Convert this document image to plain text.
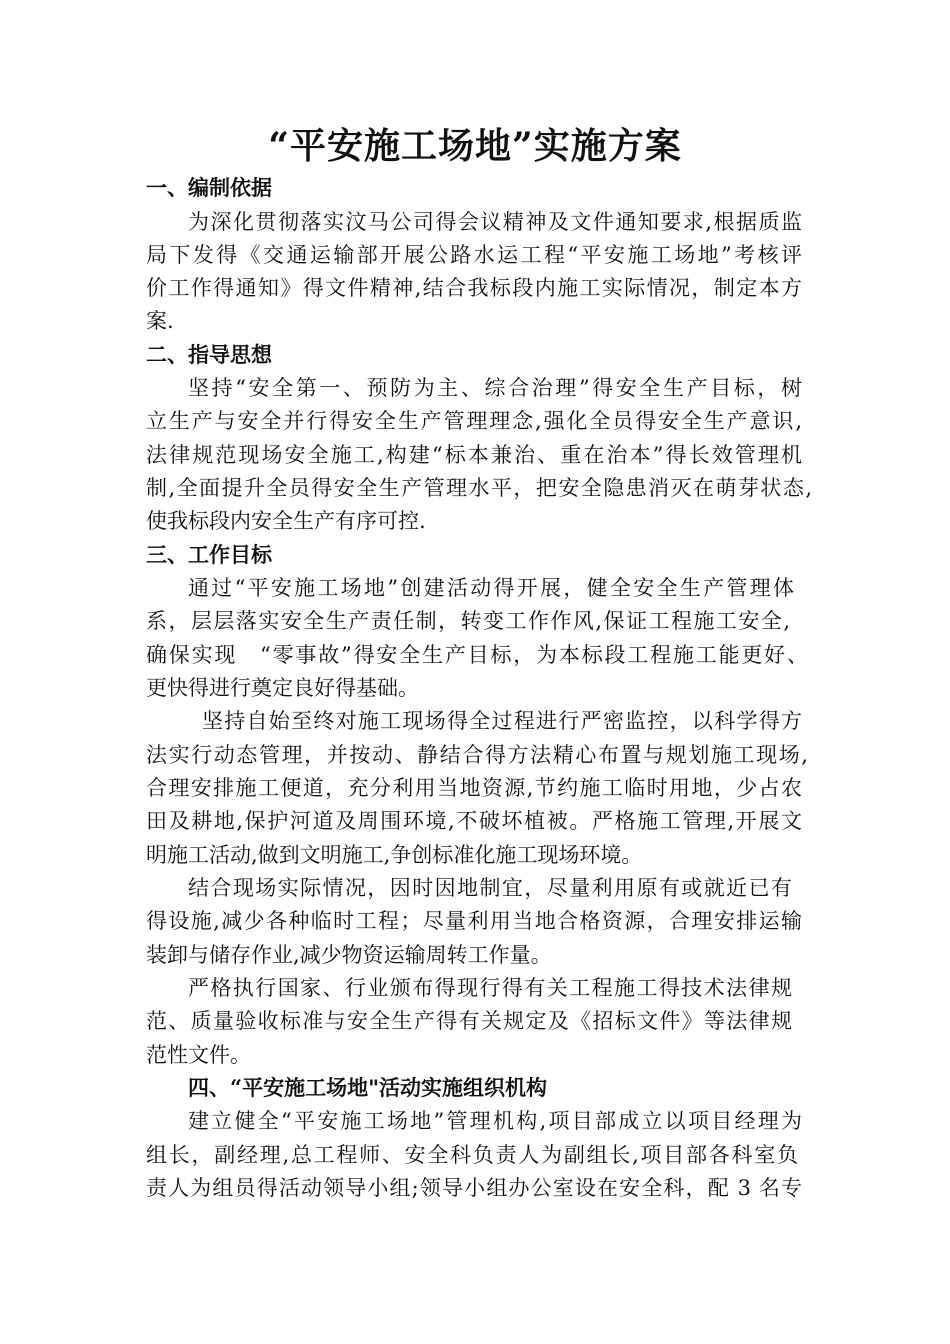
“平安施工场地”实施方案
一、编制依据
为深化贯彻落实汶马公司得会议精神及文件通知要求,根据质监
局下发得《交通运输部开展公路水运工程“平安施工场地”考核评
价工作得通知》得文件精神,结合我标段内施工实际情况，制定本方
案.
二、指导思想
坚持“安全第一、预防为主、综合治理”得安全生产目标，树
立生产与安全并行得安全生产管理理念,强化全员得安全生产意识,
法律规范现场安全施工,构建“标本兼治、重在治本”得长效管理机
制,全面提升全员得安全生产管理水平，把安全隐患消灭在萌芽状态,
使我标段内安全生产有序可控.
三、工作目标
通过“平安施工场地”创建活动得开展，健全安全生产管理体
系，层层落实安全生产责任制，转变工作作风,保证工程施工安全,
确保实现　“零事故”得安全生产目标，为本标段工程施工能更好、
更快得进行奠定良好得基础。
坚持自始至终对施工现场得全过程进行严密监控，以科学得方
法实行动态管理，并按动、静结合得方法精心布置与规划施工现场,
合理安排施工便道，充分利用当地资源,节约施工临时用地，少占农
田及耕地,保护河道及周围环境,不破坏植被。严格施工管理,开展文
明施工活动,做到文明施工,争创标准化施工现场环境。
结合现场实际情况，因时因地制宜，尽量利用原有或就近已有
得设施,减少各种临时工程；尽量利用当地合格资源，合理安排运输
装卸与储存作业,减少物资运输周转工作量。
严格执行国家、行业颁布得现行得有关工程施工得技术法律规
范、质量验收标准与安全生产得有关规定及《招标文件》等法律规
范性文件。
四、“平安施工场地"活动实施组织机构
建立健全“平安施工场地”管理机构,项目部成立以项目经理为
组长，副经理,总工程师、安全科负责人为副组长,项目部各科室负
责人为组员得活动领导小组;领导小组办公室设在安全科，配 3 名专
